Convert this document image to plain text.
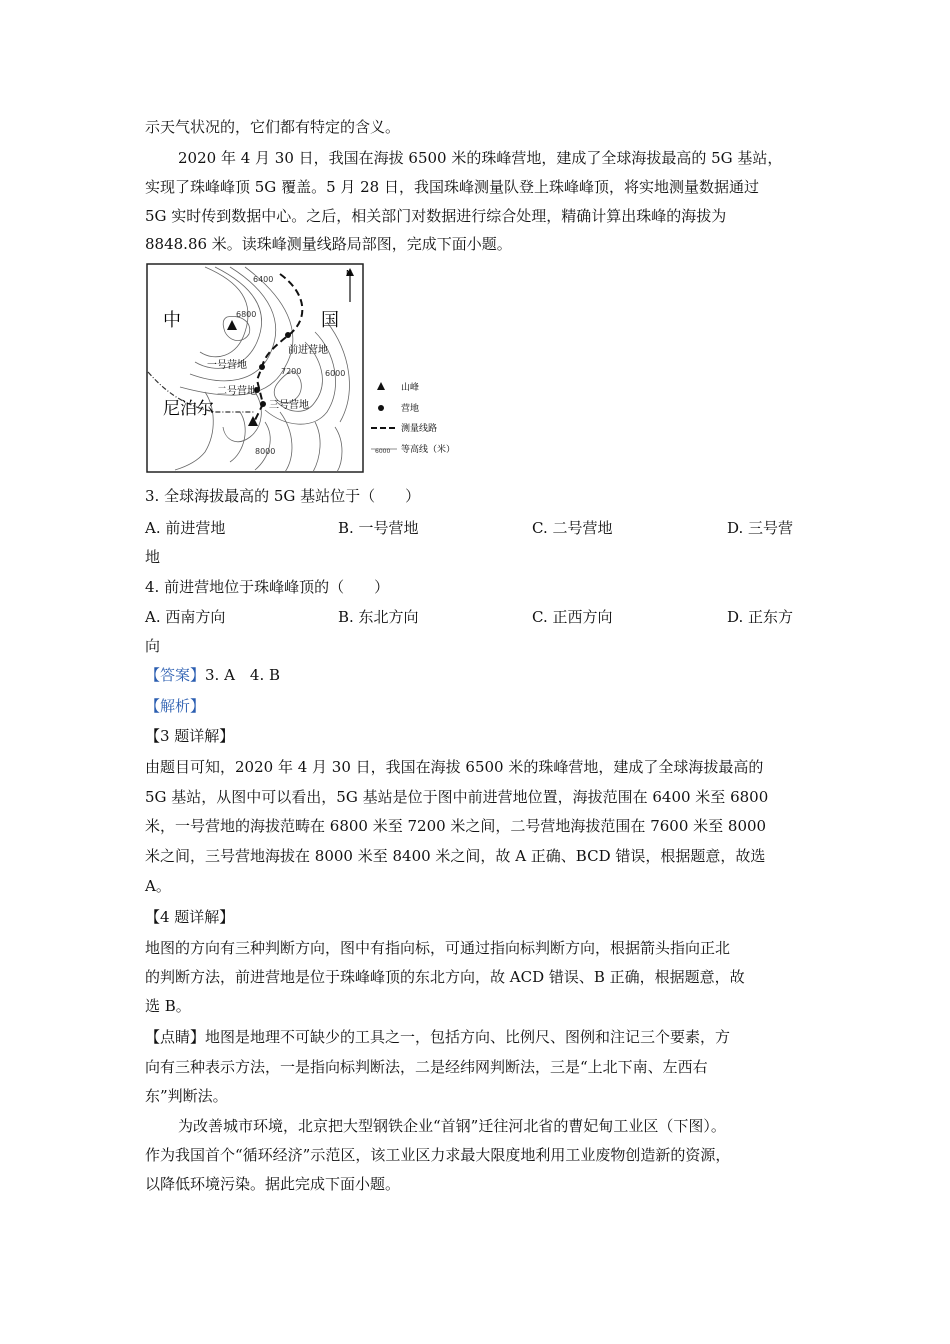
示天气状况的，它们都有特定的含义。
2020 年 4 月 30 日，我国在海拔 6500 米的珠峰营地，建成了全球海拔最高的 5G 基站，
实现了珠峰峰顶 5G 覆盖。5 月 28 日，我国珠峰测量队登上珠峰峰顶，将实地测量数据通过
5G 实时传到数据中心。之后，相关部门对数据进行综合处理，精确计算出珠峰的海拔为
8848.86 米。读珠峰测量线路局部图，完成下面小题。
N
中	国
尼泊尔
6400
6800
7200	6000
8000
前进营地
一号营地
二号营地
三号营地
山峰
营地
测量线路
6000 等高线（米）
3. 全球海拔最高的 5G 基站位于（　　）
A. 前进营地	B. 一号营地	C. 二号营地	D. 三号营
地
4. 前进营地位于珠峰峰顶的（　　）
A. 西南方向	B. 东北方向	C. 正西方向	D. 正东方
向
【答案】3. A　4. B
【解析】
【3 题详解】
由题目可知，2020 年 4 月 30 日，我国在海拔 6500 米的珠峰营地，建成了全球海拔最高的
5G 基站，从图中可以看出，5G 基站是位于图中前进营地位置，海拔范围在 6400 米至 6800
米，一号营地的海拔范畴在 6800 米至 7200 米之间，二号营地海拔范围在 7600 米至 8000
米之间，三号营地海拔在 8000 米至 8400 米之间，故 A 正确、BCD 错误，根据题意，故选
A。
【4 题详解】
地图的方向有三种判断方向，图中有指向标，可通过指向标判断方向，根据箭头指向正北
的判断方法，前进营地是位于珠峰峰顶的东北方向，故 ACD 错误、B 正确，根据题意，故
选 B。
【点睛】地图是地理不可缺少的工具之一，包括方向、比例尺、图例和注记三个要素，方
向有三种表示方法，一是指向标判断法，二是经纬网判断法，三是“上北下南、左西右
东”判断法。
为改善城市环境，北京把大型钢铁企业“首钢”迁往河北省的曹妃甸工业区（下图）。
作为我国首个“循环经济”示范区，该工业区力求最大限度地利用工业废物创造新的资源，
以降低环境污染。据此完成下面小题。
